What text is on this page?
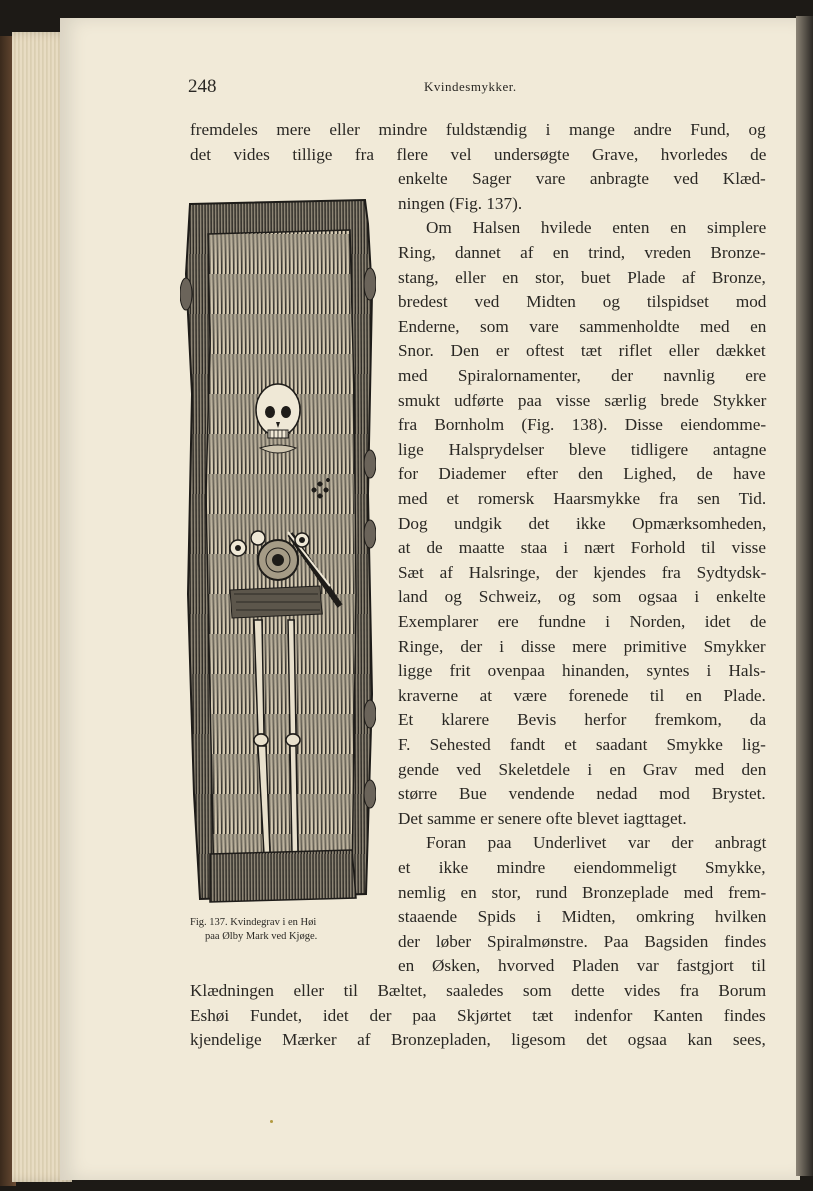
248	Kvindesmykker.
fremdeles mere eller mindre fuldstændig i mange andre Fund, og
det vides tillige fra flere vel undersøgte Grave, hvorledes de
enkelte Sager vare anbragte ved Klæd-
ningen (Fig. 137).
Om Halsen hvilede enten en simplere
Ring, dannet af en trind, vreden Bronze-
stang, eller en stor, buet Plade af Bronze,
bredest ved Midten og tilspidset mod
Enderne, som vare sammenholdte med en
Snor. Den er oftest tæt riflet eller dækket
med Spiralornamenter, der navnlig ere
smukt udførte paa visse særlig brede Stykker
fra Bornholm (Fig. 138). Disse eiendomme-
lige Halsprydelser bleve tidligere antagne
for Diademer efter den Lighed, de have
med et romersk Haarsmykke fra sen Tid.
Dog undgik det ikke Opmærksomheden,
at de maatte staa i nært Forhold til visse
Sæt af Halsringe, der kjendes fra Sydtydsk-
land og Schweiz, og som ogsaa i enkelte
Exemplarer ere fundne i Norden, idet de
Ringe, der i disse mere primitive Smykker
ligge frit ovenpaa hinanden, syntes i Hals-
kraverne at være forenede til en Plade.
Et klarere Bevis herfor fremkom, da
F. Sehested fandt et saadant Smykke lig-
gende ved Skeletdele i en Grav med den
større Bue vendende nedad mod Brystet.
Det samme er senere ofte blevet iagttaget.
Foran paa Underlivet var der anbragt
et ikke mindre eiendommeligt Smykke,
nemlig en stor, rund Bronzeplade med frem-
staaende Spids i Midten, omkring hvilken
der løber Spiralmønstre. Paa Bagsiden findes
en Øsken, hvorved Pladen var fastgjort til
Klædningen eller til Bæltet, saaledes som dette vides fra Borum
Eshøi Fundet, idet der paa Skjørtet tæt indenfor Kanten findes
kjendelige Mærker af Bronzepladen, ligesom det ogsaa kan sees,
Fig. 137. Kvindegrav i en Høi
paa Ølby Mark ved Kjøge.
